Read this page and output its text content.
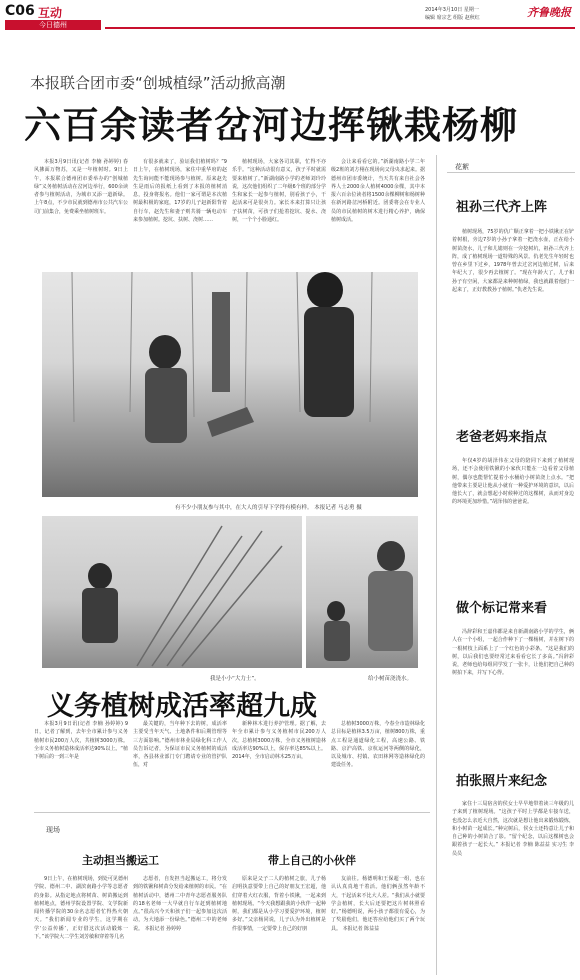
C06 互动
今日德州
2014年3月10日 星期一
编辑 席宗艺 组版 赵秋红	齐鲁晚报
本报联合团市委“创城植绿”活动掀高潮
六百余读者岔河边挥锹栽杨柳

本报3月9日讯(记者 李楠 孙婷婷) 春风拂面万物苏，又是一年植树时。9日上午，本报联合德州团市委举办的“创城植绿”义务植树活动在岔河边举行，600余读者参与植树活动，为城市又添一道新绿。上午8点，不少市民就到德州市公共汽车公司门前集合，免费乘坐植树班车。

有很多就来了，验证我们植树吗？”9日上午，在植树现场，家住中重华府的赵先生询问能不能现场参与植树。原来赵先生是雨后的报纸上看到了本报的植树消息，投身将报名。他们一家可谓是本次植树最积极的家庭，17岁的儿子赵新阳背着自行车，赵先生和妻子则共骑一辆电动车来参加植树。挖坑、扶树、浇树……

植树现场，大家各司其职，忙得不亦乐乎。“这种活动很有意义，孩子平时就需要来植树了。”新湖南路小学的老师刘玲玲说，这次他们组织了二年级6个班的部分学生和家长一起参与植树，别看孩子小，干起活来可是很卖力。家长本来打算只让孩子扶树苗，可孩子们抢着挖坑、提水、浇树，一个个小脸通红。

会让来看看它的。”新湖南路小学二年级2班的刘方栩在现场向父母央求起来。据德州市团市委统计，当天共有来自社会各界人士2000余人植树4000余棵，其中本报六百余位读者将1500余棵柳树和杨树种在新河路岔河桥附近。团委将会在专业人员的市民植树的树木进行精心养护，确保植树成活。

有不少小朋友参与其中，在大人的引导下学得有模有样。 本报记者 马志勇 摄
我是小小“大力士”。	给小树苗浇浇水。
义务植树成活率超九成

本报3月9日讯(记者 李楠 孙婷婷) 9日，记者了解到，去年全市累计参与义务植树市民200万人次，共植树3000万株。全市义务植树造林成活率达90%以上。“植下树后的一到三年是

最关键的，当年种下去的树，成活率主要受当年天气、土地条件和后期管理等三方面影响。”德州市林业局绿化科工作人员告诉记者，为保证市民义务植树的成活率，各县林业部门专门聘请专业的管护队伍，对

新种林木进行养护管理。据了解，去年全市累计参与义务植树市民200万人次，总植树3000万株，全市义务植树造林成活率达90%以上，保存率达85%以上。2014年，全市启动林木25万亩，

总植树3000万株，今春全市造林绿化总目标是植林3.5万亩，植树800万株，重点工程是通道绿化工程，高速公路、铁路、京沪高铁、京杭运河等两侧的绿化，以及城市、村镇、农田林网等造林绿化的建设任务。

现场
主动担当搬运工	带上自己的小伙伴

9日上午，在植树现场，到处可见德州学院、德州二中、湖滨南路小学等志愿者的身影。从指定地点将树苗、树苗搬运到植树地点，德州学院设置学院、文学院新闻传播学院的30余名志愿者忙得热火朝天。“我们新闻专业的学生，这学期在学‘公益传播’，正好借这次活动锻炼一下。”该学院大二学生刘芳敏和穿着等几名

志愿者，自发担当起搬运工，将分发到的铁锹和树苗分发给来植树的市民。“在植树活动中，德州二中青年志愿者服务队的18名老师一大早就自行车赶到植树地点。”很高兴今天和孩子们一起参加这次活动，为大地添一份绿色。”德州二中的老师说。 本报记者 孙婷婷

原来是父子二人的植树之旅，儿子杨启明执意要带上自己的好朋友王宏超，他们穿着大红衣服，背着小铁锹，一起来到植树现场。“今天我想跟我的小伙伴一起种树，我们都是从小学习要爱护环境，植树多好。”父亲杨同说，儿子认为外出植树是件很事情，一定要带上自己的好朋

友前往。杨德明和王保超一组，也在认认真真地干着活。他们俩虽然年龄不大，干起活来不比大人差。“我们从小就要学会植树，长大后还要把这片树林照看好。”杨德明说，两小孩子都很有爱心，为了奖励他们，他还答应给他们买了两个玩具。 本报记者 陈益益

花絮
祖孙三代齐上阵

植树现场，75岁的仇广顺正拿着一把小铁锹正在铲着树根，旁边7岁的小孙子拿着一把浇水壶，正在给小树苗浇水，儿子和儿媳则在一旁挖树坑，祖孙三代齐上阵，成了植树现场一道特殊的风景。仇老先生年轻时也曾在乡里下过乡，1978年曾去过岔河边植过树，后来年纪大了，很少再去植树了。“现在年龄大了，儿子和孙子有空闲，大家都是来种树植绿，我也就跟着他们一起来了，正好教教孙子植树。”仇老先生说。

老爸老妈来指点

年仅4岁的胡泽伟在父母的陪同下来到了植树现场，还不会使用铁锹的小家伙只能在一边看着父母植树，偶尔也能帮忙提着小水桶给小树苗浇上点水。“把他带来主要是让他从小就有一种爱护环境的意识，以后他长大了，就会想起小时候种过的这棵树，从而对身边的环境更加珍惜。”胡泽伟的爸爸说。

做个标记常来看

冯辞彩和王嘉伟都是来自新湖南路小学的学生，俩人在一个小组，一起合作种下了一棵杨树，并在树下的一根树枝上面系上了一个红色的小彩条。“这是我们的树，以后我们也要经常过来看看它长了多高。”冯辞彩说，老师也给每组同学发了一张卡，让他们把自己种的树拍下来，并写下心得。

拍张照片来纪念

家住十三局宿舍的侯女士早早地带着读三年级的儿子来到了植树现场。“这孩子平时上学都是车接车送，也没怎么亲近大自然，这次就是想让他出来锻炼锻炼，和小树苗一起成长。”种完树后，侯女士还特意让儿子和自己种的小树苗合了影。“留个纪念，以后这棵树也会跟着孩子一起长大。” 本报记者 李楠 陈益益 实习生 李员员
